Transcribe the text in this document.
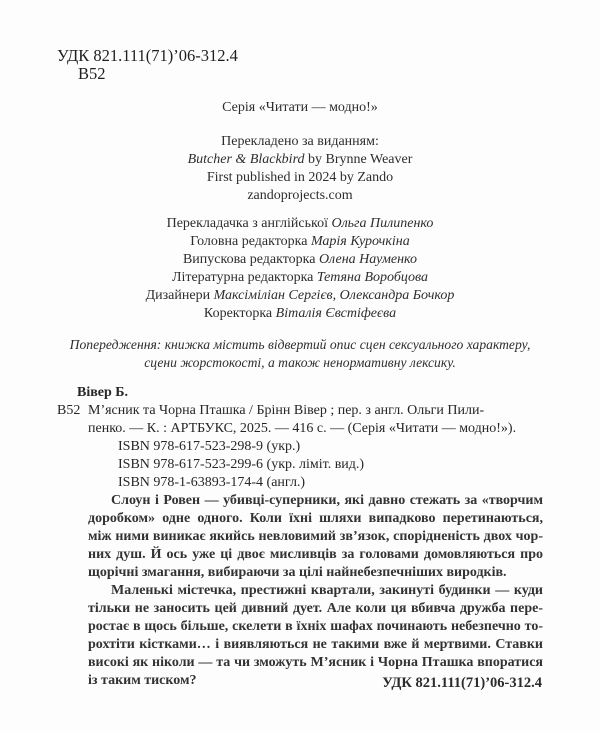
УДК 821.111(71)’06-312.4
B52
Серія «Читати — модно!»
Перекладено за виданням:
Butcher & Blackbird by Brynne Weaver
First published in 2024 by Zando
zandoprojects.com
Перекладачка з англійської Ольга Пилипенко
Головна редакторка Марія Курочкіна
Випускова редакторка Олена Науменко
Літературна редакторка Тетяна Воробцова
Дизайнери Максіміліан Сергієв, Олександра Бочкор
Коректорка Віталія Євстіфеєва
Попередження: книжка містить відвертий опис сцен сексуального характеру,
сцени жорстокості, а також ненормативну лексику.
Вівер Б.
B52 М’ясник та Чорна Пташка / Брінн Вівер ; пер. з англ. Ольги Пили-
пенко. — К. : АРТБУКС, 2025. — 416 с. — (Серія «Читати — модно!»).
ISBN 978-617-523-298-9 (укр.)
ISBN 978-617-523-299-6 (укр. ліміт. вид.)
ISBN 978-1-63893-174-4 (англ.)
Слоун і Ровен — убивці-суперники, які давно стежать за «творчим
доробком» одне одного. Коли їхні шляхи випадково перетинаються,
між ними виникає якийсь невловимий зв’язок, спорідненість двох чор-
них душ. Й ось уже ці двоє мисливців за головами домовляються про
щорічні змагання, вибираючи за цілі найнебезпечніших виродків.
Маленькі містечка, престижні квартали, закинуті будинки — куди
тільки не заносить цей дивний дует. Але коли ця вбивча дружба пере-
ростає в щось більше, скелети в їхніх шафах починають небезпечно то-
рохтіти кістками… і виявляються не такими вже й мертвими. Ставки
високі як ніколи — та чи зможуть М’ясник і Чорна Пташка впоратися
із таким тиском?	УДК 821.111(71)’06-312.4
